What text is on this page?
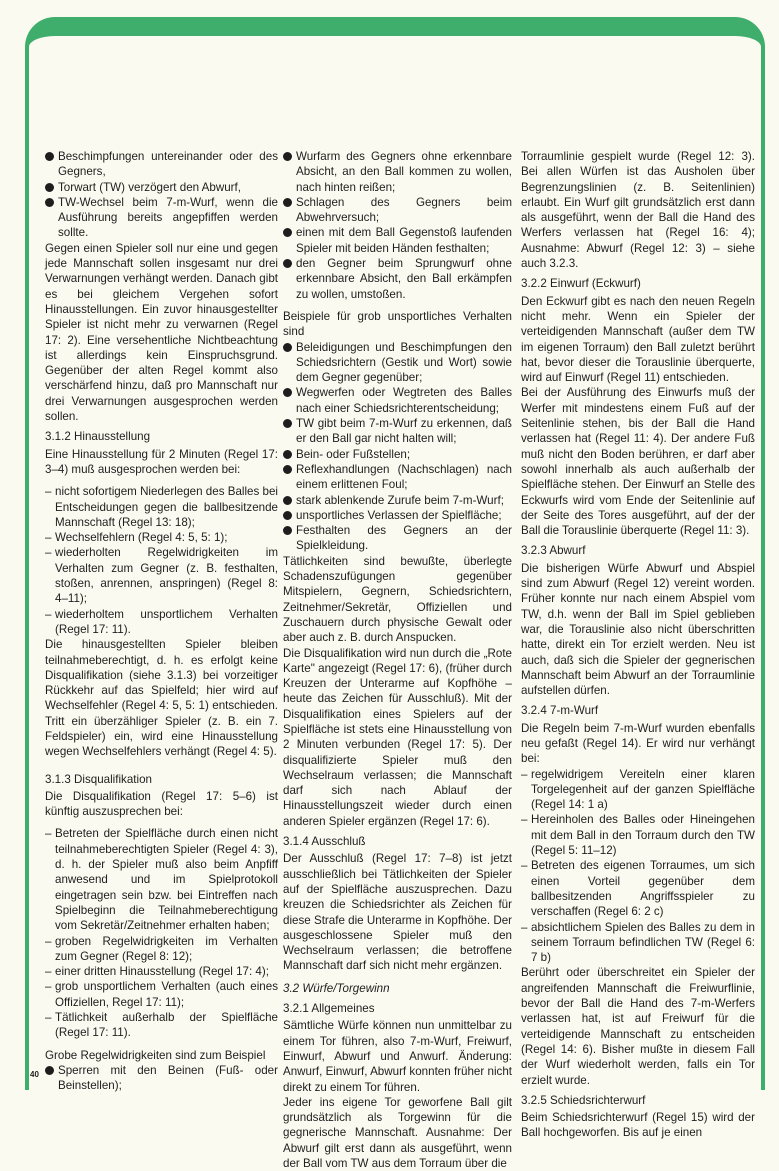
Beschimpfungen untereinander oder des Gegners,
Torwart (TW) verzögert den Abwurf,
TW-Wechsel beim 7-m-Wurf, wenn die Ausführung bereits angepfiffen werden sollte.
Gegen einen Spieler soll nur eine und gegen jede Mannschaft sollen insgesamt nur drei Verwarnungen verhängt werden. Danach gibt es bei gleichem Vergehen sofort Hinausstellungen. Ein zuvor hinausgestellter Spieler ist nicht mehr zu verwarnen (Regel 17: 2). Eine versehentliche Nichtbeachtung ist allerdings kein Einspruchsgrund. Gegenüber der alten Regel kommt also verschärfend hinzu, daß pro Mannschaft nur drei Verwarnungen ausgesprochen werden sollen.
3.1.2 Hinausstellung
Eine Hinausstellung für 2 Minuten (Regel 17: 3–4) muß ausgesprochen werden bei:
– nicht sofortigem Niederlegen des Balles bei Entscheidungen gegen die ballbesitzende Mannschaft (Regel 13: 18);
– Wechselfehlern (Regel 4: 5, 5: 1);
– wiederholten Regelwidrigkeiten im Verhalten zum Gegner (z. B. festhalten, stoßen, anrennen, anspringen) (Regel 8: 4–11);
– wiederholtem unsportlichem Verhalten (Regel 17: 11).
Die hinausgestellten Spieler bleiben teilnahmeberechtigt, d. h. es erfolgt keine Disqualifikation (siehe 3.1.3) bei vorzeitiger Rückkehr auf das Spielfeld; hier wird auf Wechselfehler (Regel 4: 5, 5: 1) entschieden. Tritt ein überzähliger Spieler (z. B. ein 7. Feldspieler) ein, wird eine Hinausstellung wegen Wechselfehlers verhängt (Regel 4: 5).
3.1.3 Disqualifikation
Die Disqualifikation (Regel 17: 5–6) ist künftig auszusprechen bei:
– Betreten der Spielfläche durch einen nicht teilnahmeberechtigten Spieler (Regel 4: 3), d. h. der Spieler muß also beim Anpfiff anwesend und im Spielprotokoll eingetragen sein bzw. bei Eintreffen nach Spielbeginn die Teilnahmeberechtigung vom Sekretär/Zeitnehmer erhalten haben;
– groben Regelwidrigkeiten im Verhalten zum Gegner (Regel 8: 12);
– einer dritten Hinausstellung (Regel 17: 4);
– grob unsportlichem Verhalten (auch eines Offiziellen, Regel 17: 11);
– Tätlichkeit außerhalb der Spielfläche (Regel 17: 11).
Grobe Regelwidrigkeiten sind zum Beispiel
Sperren mit den Beinen (Fuß- oder Beinstellen);
Wurfarm des Gegners ohne erkennbare Absicht, an den Ball kommen zu wollen, nach hinten reißen;
Schlagen des Gegners beim Abwehrversuch;
einen mit dem Ball Gegenstoß laufenden Spieler mit beiden Händen festhalten;
den Gegner beim Sprungwurf ohne erkennbare Absicht, den Ball erkämpfen zu wollen, umstoßen.
Beispiele für grob unsportliches Verhalten sind
Beleidigungen und Beschimpfungen den Schiedsrichtern (Gestik und Wort) sowie dem Gegner gegenüber;
Wegwerfen oder Wegtreten des Balles nach einer Schiedsrichterentscheidung;
TW gibt beim 7-m-Wurf zu erkennen, daß er den Ball gar nicht halten will;
Bein- oder Fußstellen;
Reflexhandlungen (Nachschlagen) nach einem erlittenen Foul;
stark ablenkende Zurufe beim 7-m-Wurf;
unsportliches Verlassen der Spielfläche;
Festhalten des Gegners an der Spielkleidung.
Tätlichkeiten sind bewußte, überlegte Schadenszufügungen gegenüber Mitspielern, Gegnern, Schiedsrichtern, Zeitnehmer/Sekretär, Offiziellen und Zuschauern durch physische Gewalt oder aber auch z. B. durch Anspucken.
Die Disqualifikation wird nun durch die „Rote Karte" angezeigt (Regel 17: 6), (früher durch Kreuzen der Unterarme auf Kopfhöhe – heute das Zeichen für Ausschluß). Mit der Disqualifikation eines Spielers auf der Spielfläche ist stets eine Hinausstellung von 2 Minuten verbunden (Regel 17: 5). Der disqualifizierte Spieler muß den Wechselraum verlassen; die Mannschaft darf sich nach Ablauf der Hinausstellungszeit wieder durch einen anderen Spieler ergänzen (Regel 17: 6).
3.1.4 Ausschluß
Der Ausschluß (Regel 17: 7–8) ist jetzt ausschließlich bei Tätlichkeiten der Spieler auf der Spielfläche auszusprechen. Dazu kreuzen die Schiedsrichter als Zeichen für diese Strafe die Unterarme in Kopfhöhe. Der ausgeschlossene Spieler muß den Wechselraum verlassen; die betroffene Mannschaft darf sich nicht mehr ergänzen.
3.2 Würfe/Torgewinn
3.2.1 Allgemeines
Sämtliche Würfe können nun unmittelbar zu einem Tor führen, also 7-m-Wurf, Freiwurf, Einwurf, Abwurf und Anwurf. Änderung: Anwurf, Einwurf, Abwurf konnten früher nicht direkt zu einem Tor führen.
Jeder ins eigene Tor geworfene Ball gilt grundsätzlich als Torgewinn für die gegnerische Mannschaft. Ausnahme: Der Abwurf gilt erst dann als ausgeführt, wenn der Ball vom TW aus dem Torraum über die
Torraumlinie gespielt wurde (Regel 12: 3). Bei allen Würfen ist das Ausholen über Begrenzungslinien (z. B. Seitenlinien) erlaubt. Ein Wurf gilt grundsätzlich erst dann als ausgeführt, wenn der Ball die Hand des Werfers verlassen hat (Regel 16: 4); Ausnahme: Abwurf (Regel 12: 3) – siehe auch 3.2.3.
3.2.2 Einwurf (Eckwurf)
Den Eckwurf gibt es nach den neuen Regeln nicht mehr. Wenn ein Spieler der verteidigenden Mannschaft (außer dem TW im eigenen Torraum) den Ball zuletzt berührt hat, bevor dieser die Torauslinie überquerte, wird auf Einwurf (Regel 11) entschieden.
Bei der Ausführung des Einwurfs muß der Werfer mit mindestens einem Fuß auf der Seitenlinie stehen, bis der Ball die Hand verlassen hat (Regel 11: 4). Der andere Fuß muß nicht den Boden berühren, er darf aber sowohl innerhalb als auch außerhalb der Spielfläche stehen. Der Einwurf an Stelle des Eckwurfs wird vom Ende der Seitenlinie auf der Seite des Tores ausgeführt, auf der der Ball die Torauslinie überquerte (Regel 11: 3).
3.2.3 Abwurf
Die bisherigen Würfe Abwurf und Abspiel sind zum Abwurf (Regel 12) vereint worden. Früher konnte nur nach einem Abspiel vom TW, d.h. wenn der Ball im Spiel geblieben war, die Torauslinie also nicht überschritten hatte, direkt ein Tor erzielt werden. Neu ist auch, daß sich die Spieler der gegnerischen Mannschaft beim Abwurf an der Torraumlinie aufstellen dürfen.
3.2.4 7-m-Wurf
Die Regeln beim 7-m-Wurf wurden ebenfalls neu gefaßt (Regel 14). Er wird nur verhängt bei:
– regelwidrigem Vereiteln einer klaren Torgelegenheit auf der ganzen Spielfläche (Regel 14: 1 a)
– Hereinholen des Balles oder Hineingehen mit dem Ball in den Torraum durch den TW (Regel 5: 11–12)
– Betreten des eigenen Torraumes, um sich einen Vorteil gegenüber dem ballbesitzenden Angriffsspieler zu verschaffen (Regel 6: 2 c)
– absichtlichem Spielen des Balles zu dem in seinem Torraum befindlichen TW (Regel 6: 7 b)
Berührt oder überschreitet ein Spieler der angreifenden Mannschaft die Freiwurflinie, bevor der Ball die Hand des 7-m-Werfers verlassen hat, ist auf Freiwurf für die verteidigende Mannschaft zu entscheiden (Regel 14: 6). Bisher mußte in diesem Fall der Wurf wiederholt werden, falls ein Tor erzielt wurde.
3.2.5 Schiedsrichterwurf
Beim Schiedsrichterwurf (Regel 15) wird der Ball hochgeworfen. Bis auf je einen
40
